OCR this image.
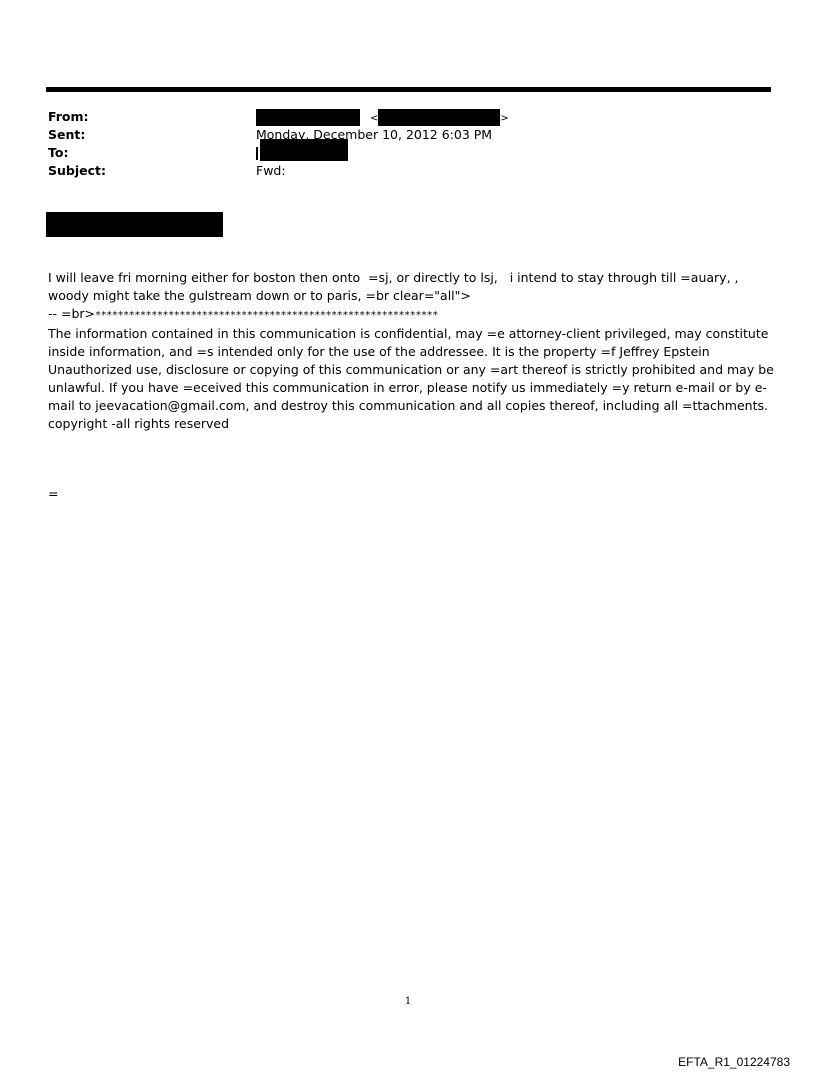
From:	<	>
Sent:	Monday, December 10, 2012 6:03 PM
To:
Subject:	Fwd:

I will leave fri morning either for boston then onto  =sj, or directly to lsj,   i intend to stay through till =auary, ,   woody might take the gulstream down or to paris, =br clear="all">

-- =br>*************************************************************

The information contained in this communication is confidential, may =e attorney-client privileged, may constitute inside information, and =s intended only for the use of the addressee. It is the property =f Jeffrey Epstein Unauthorized use, disclosure or copying of this communication or any =art thereof is strictly prohibited and may be unlawful. If you have =eceived this communication in error, please notify us immediately =y return e-mail or by e-mail to jeevacation@gmail.com, and destroy this communication and all copies thereof, including all =ttachments. copyright -all rights reserved

=
1
EFTA_R1_01224783
